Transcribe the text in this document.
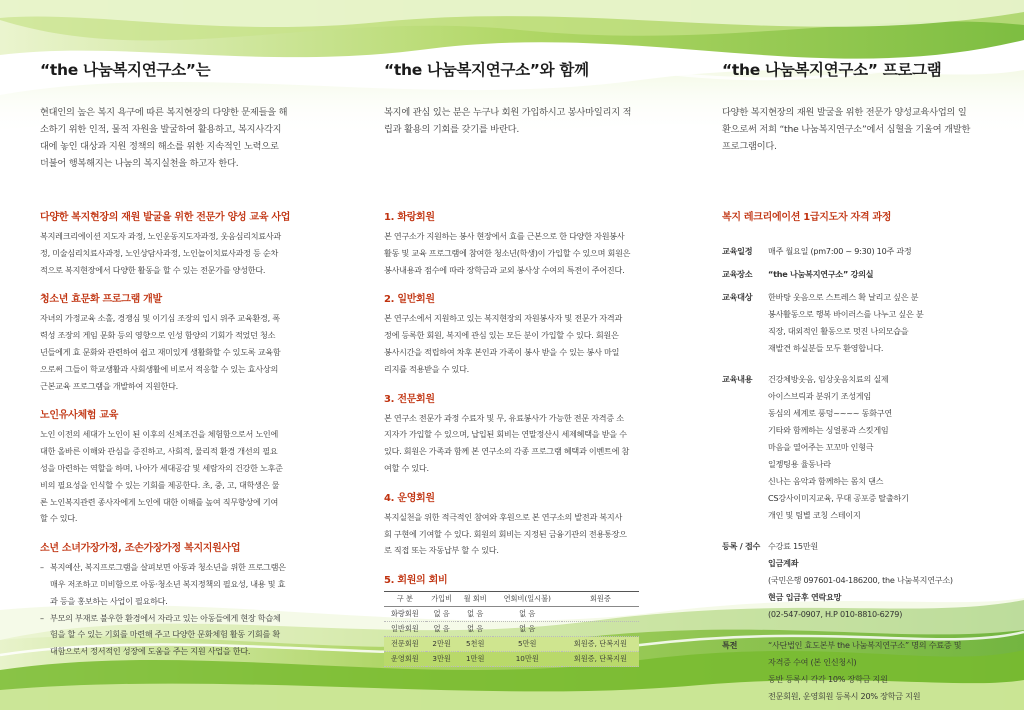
“the 나눔복지연구소”는
현대인의 높은 복지 욕구에 따른 복지현장의 다양한 문제들을 해
소하기 위한 인적, 물적 자원을 발굴하여 활용하고, 복지사각지
대에 놓인 대상과 지원 정책의 해소를 위한 지속적인 노력으로
더불어 행복해지는 나눔의 복지실천을 하고자 한다.
다양한 복지현장의 재원 발굴을 위한 전문가 양성 교육 사업
복지레크리에이션 지도자 과정, 노인운동지도자과정, 웃음심리치료사과
정, 미술심리치료사과정, 노인상담사과정, 노인놀이치료사과정 등 순차
적으로 복지현장에서 다양한 활동을 할 수 있는 전문가를 양성한다.
청소년 효문화 프로그램 개발
자녀의 가정교육 소홀, 경쟁심 및 이기심 조장의 입시 위주 교육환경, 폭
력성 조장의 게임 문화 등의 영향으로 인성 함양의 기회가 적었던 청소
년들에게 효 문화와 관련하여 쉽고 재미있게 생활화할 수 있도록 교육함
으로써 그들이 학교생활과 사회생활에 비로서 적응할 수 있는 효사상의
근본교육 프로그램을 개발하여 지원한다.
노인유사체험 교육
노인 이전의 세대가 노인이 된 이후의 신체조건을 체험함으로서 노인에
대한 올바른 이해와 관심을 증진하고, 사회적, 물리적 환경 개선의 필요
성을 마련하는 역할을 하며, 나아가 세대공감 및 세람자의 건강한 노후준
비의 필요성을 인식할 수 있는 기회를 제공한다. 초, 중, 고, 대학생은 물
론 노인복지관련 종사자에게 노인에 대한 이해를 높여 직무향상에 기여
할 수 있다.
소년 소녀가장가정, 조손가장가정 복지지원사업
– 복지예산, 복지프로그램을 살펴보면 아동과 청소년을 위한 프로그램은
매우 저조하고 미비함으로 아동·청소년 복지정책의 필요성, 내용 및 효
과 등을 홍보하는 사업이 필요하다.
– 부모의 부재로 불우한 환경에서 자라고 있는 아동들에게 현장 학습체
험을 할 수 있는 기회를 마련해 주고 다양한 문화체험 활동 기회를 확
대함으로서 정서적인 성장에 도움을 주는 지원 사업을 한다.
“the 나눔복지연구소”와 함께
복지에 관심 있는 분은 누구나 회원 가입하시고 봉사마일리지 적
립과 활용의 기회를 갖기를 바란다.
1. 화랑회원
본 연구소가 지원하는 봉사 현장에서 효를 근본으로 한 다양한 자원봉사
활동 및 교육 프로그램에 참여한 청소년(학생)이 가입할 수 있으며 회원은
봉사내용과 점수에 따라 장학금과 교외 봉사상 수여의 특전이 주어진다.
2. 일반회원
본 연구소에서 지원하고 있는 복지현장의 자원봉사자 및 전문가 자격과
정에 등록한 회원, 복지에 관심 있는 모든 분이 가입할 수 있다. 회원은
봉사시간을 적립하여 차후 본인과 가족이 봉사 받을 수 있는 봉사 마일
리지를 적용받을 수 있다.
3. 전문회원
본 연구소 전문가 과정 수료자 및 무, 유료봉사가 가능한 전문 자격증 소
지자가 가입할 수 있으며, 납입된 회비는 연말정산시 세제혜택을 받을 수
있다. 회원은 가족과 함께 본 연구소의 각종 프로그램 혜택과 이벤트에 참
여할 수 있다.
4. 운영회원
복지실천을 위한 적극적인 참여와 후원으로 본 연구소의 발전과 복지사
회 구현에 기여할 수 있다. 회원의 회비는 지정된 금융기관의 전용통장으
로 직접 또는 자동납부 할 수 있다.
5. 회원의 회비
구 분	가입비	월 회비	연회비(일시불)	회원증
화랑회원	없 음	없 음	없 음	
일반회원	없 음	없 음	없 음	
전문회원	2만원	5천원	5만원	회원증, 단복지원
운영회원	3만원	1만원	10만원	회원증, 단복지원
“the 나눔복지연구소” 프로그램
다양한 복지현장의 재원 발굴을 위한 전문가 양성교육사업의 일
환으로써 저희 “the 나눔복지연구소”에서 심혈을 기울여 개발한
프로그램이다.
복지 레크리에이션 1급지도자 자격 과정
교육일정	매주 월요일 (pm7:00 ~ 9:30) 10주 과정
교육장소	“the 나눔복지연구소” 강의실
교육대상	한바탕 웃음으로 스트레스 확 날리고 싶은 분
봉사활동으로 행복 바이러스를 나누고 싶은 분
직장, 대외적인 활동으로 멋진 나의모습을
재발견 하실분들 모두 환영합니다.
교육내용	건강체방웃음, 임상웃음치료의 실제
아이스브릭과 분위기 조성게임
동심의 세계로 풍덩~~~~ 동화구연
기타와 함께하는 싱얼롱과 스킷게임
마음을 열어주는 꼬꼬마 인형극
일젱팅용 율동나라
신나는 음악과 함께하는 몸치 댄스
CS강사이미지교육, 무대 공포증 탈출하기
개인 및 팀별 코칭 스테이지
등록 / 접수 수강료 15만원
입금계좌
(국민은행 097601-04-186200, the 나눔복지연구소)
현금 입금후 연락요망
(02-547-0907, H.P 010-8810-6279)
특전	“사단법인 효도본부 the 나눔복지연구소” 명의 수료증 및
자격증 수여 (본 인신청시)
동반 등록시 각각 10% 장학금 지원
전문회원, 운영회원 등록시 20% 장학금 지원
